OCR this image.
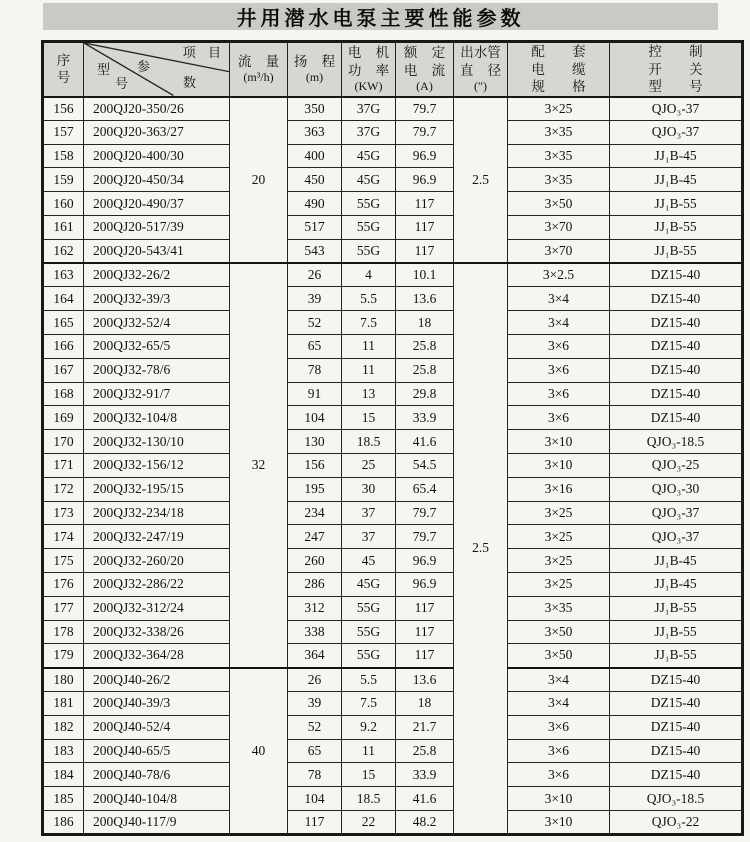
井用潜水电泵主要性能参数
序
号

项 目
型
号
参
数

流 量
(m³/h)

扬 程
(m)

电 机
功 率
(KW)

额 定
电 流
(A)

出水管
直 径
(″)

配 套
电 缆
规 格

控 制
开 关
型 号

156	200QJ20-350/26	20	350	37G	79.7	2.5	3×25	QJO₃-37
157	200QJ20-363/27		363	37G	79.7		3×35	QJO₃-37
158	200QJ20-400/30		400	45G	96.9		3×35	JJ₁B-45
159	200QJ20-450/34		450	45G	96.9		3×35	JJ₁B-45
160	200QJ20-490/37		490	55G	117		3×50	JJ₁B-55
161	200QJ20-517/39		517	55G	117		3×70	JJ₁B-55
162	200QJ20-543/41		543	55G	117		3×70	JJ₁B-55
163	200QJ32-26/2	32	26	4	10.1	2.5	3×2.5	DZ15-40
164	200QJ32-39/3		39	5.5	13.6		3×4	DZ15-40
165	200QJ32-52/4		52	7.5	18		3×4	DZ15-40
166	200QJ32-65/5		65	11	25.8		3×6	DZ15-40
167	200QJ32-78/6		78	11	25.8		3×6	DZ15-40
168	200QJ32-91/7		91	13	29.8		3×6	DZ15-40
169	200QJ32-104/8		104	15	33.9		3×6	DZ15-40
170	200QJ32-130/10		130	18.5	41.6		3×10	QJO₃-18.5
171	200QJ32-156/12		156	25	54.5		3×10	QJO₃-25
172	200QJ32-195/15		195	30	65.4		3×16	QJO₃-30
173	200QJ32-234/18		234	37	79.7		3×25	QJO₃-37
174	200QJ32-247/19		247	37	79.7		3×25	QJO₃-37
175	200QJ32-260/20		260	45	96.9		3×25	JJ₁B-45
176	200QJ32-286/22		286	45G	96.9		3×25	JJ₁B-45
177	200QJ32-312/24		312	55G	117		3×35	JJ₁B-55
178	200QJ32-338/26		338	55G	117		3×50	JJ₁B-55
179	200QJ32-364/28		364	55G	117		3×50	JJ₁B-55
180	200QJ40-26/2	40	26	5.5	13.6		3×4	DZ15-40
181	200QJ40-39/3		39	7.5	18		3×4	DZ15-40
182	200QJ40-52/4		52	9.2	21.7		3×6	DZ15-40
183	200QJ40-65/5		65	11	25.8		3×6	DZ15-40
184	200QJ40-78/6		78	15	33.9		3×6	DZ15-40
185	200QJ40-104/8		104	18.5	41.6		3×10	QJO₃-18.5
186	200QJ40-117/9		117	22	48.2		3×10	QJO₃-22
